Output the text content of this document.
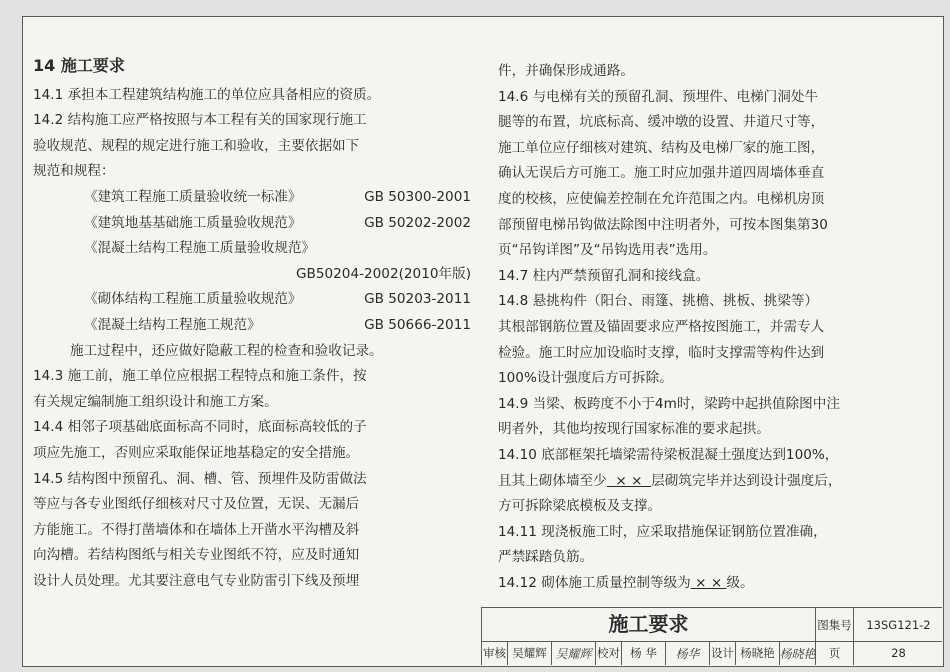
14 施工要求

14.1 承担本工程建筑结构施工的单位应具备相应的资质。

14.2 结构施工应严格按照与本工程有关的国家现行施工

验收规范、规程的规定进行施工和验收，主要依据如下

规范和规程：

《建筑工程施工质量验收统一标准》	GB 50300-2001

《建筑地基基础施工质量验收规范》	GB 50202-2002

《混凝土结构工程施工质量验收规范》

GB50204-2002(2010年版)

《砌体结构工程施工质量验收规范》	GB 50203-2011

《混凝土结构工程施工规范》	GB 50666-2011

施工过程中，还应做好隐蔽工程的检查和验收记录。

14.3 施工前，施工单位应根据工程特点和施工条件，按

有关规定编制施工组织设计和施工方案。

14.4 相邻子项基础底面标高不同时，底面标高较低的子

项应先施工，否则应采取能保证地基稳定的安全措施。

14.5 结构图中预留孔、洞、槽、管、预埋件及防雷做法

等应与各专业图纸仔细核对尺寸及位置，无误、无漏后

方能施工。不得打凿墙体和在墙体上开凿水平沟槽及斜

向沟槽。若结构图纸与相关专业图纸不符，应及时通知

设计人员处理。尤其要注意电气专业防雷引下线及预埋

件，并确保形成通路。

14.6 与电梯有关的预留孔洞、预埋件、电梯门洞处牛

腿等的布置，坑底标高、缓冲墩的设置、井道尺寸等，

施工单位应仔细核对建筑、结构及电梯厂家的施工图，

确认无误后方可施工。施工时应加强井道四周墙体垂直

度的校核，应使偏差控制在允许范围之内。电梯机房顶

部预留电梯吊钩做法除图中注明者外，可按本图集第30

页“吊钩详图”及“吊钩选用表”选用。

14.7 柱内严禁预留孔洞和接线盒。

14.8 悬挑构件（阳台、雨篷、挑檐、挑板、挑梁等）

其根部钢筋位置及锚固要求应严格按图施工，并需专人

检验。施工时应加设临时支撑，临时支撑需等构件达到

100%设计强度后方可拆除。

14.9 当梁、板跨度不小于4m时，梁跨中起拱值除图中注

明者外，其他均按现行国家标准的要求起拱。

14.10 底部框架托墙梁需待梁板混凝土强度达到100%，

且其上砌体墙至少  × ×  层砌筑完毕并达到设计强度后，

方可拆除梁底模板及支撑。

14.11 现浇板施工时，应采取措施保证钢筋位置准确，

严禁踩踏负筋。

14.12 砌体施工质量控制等级为 × × 级。

施工要求	图集号	13SG121-2
审核 吴耀辉 吴耀辉 校对 杨 华	杨华	设计 杨晓艳 杨晓艳	页	28
